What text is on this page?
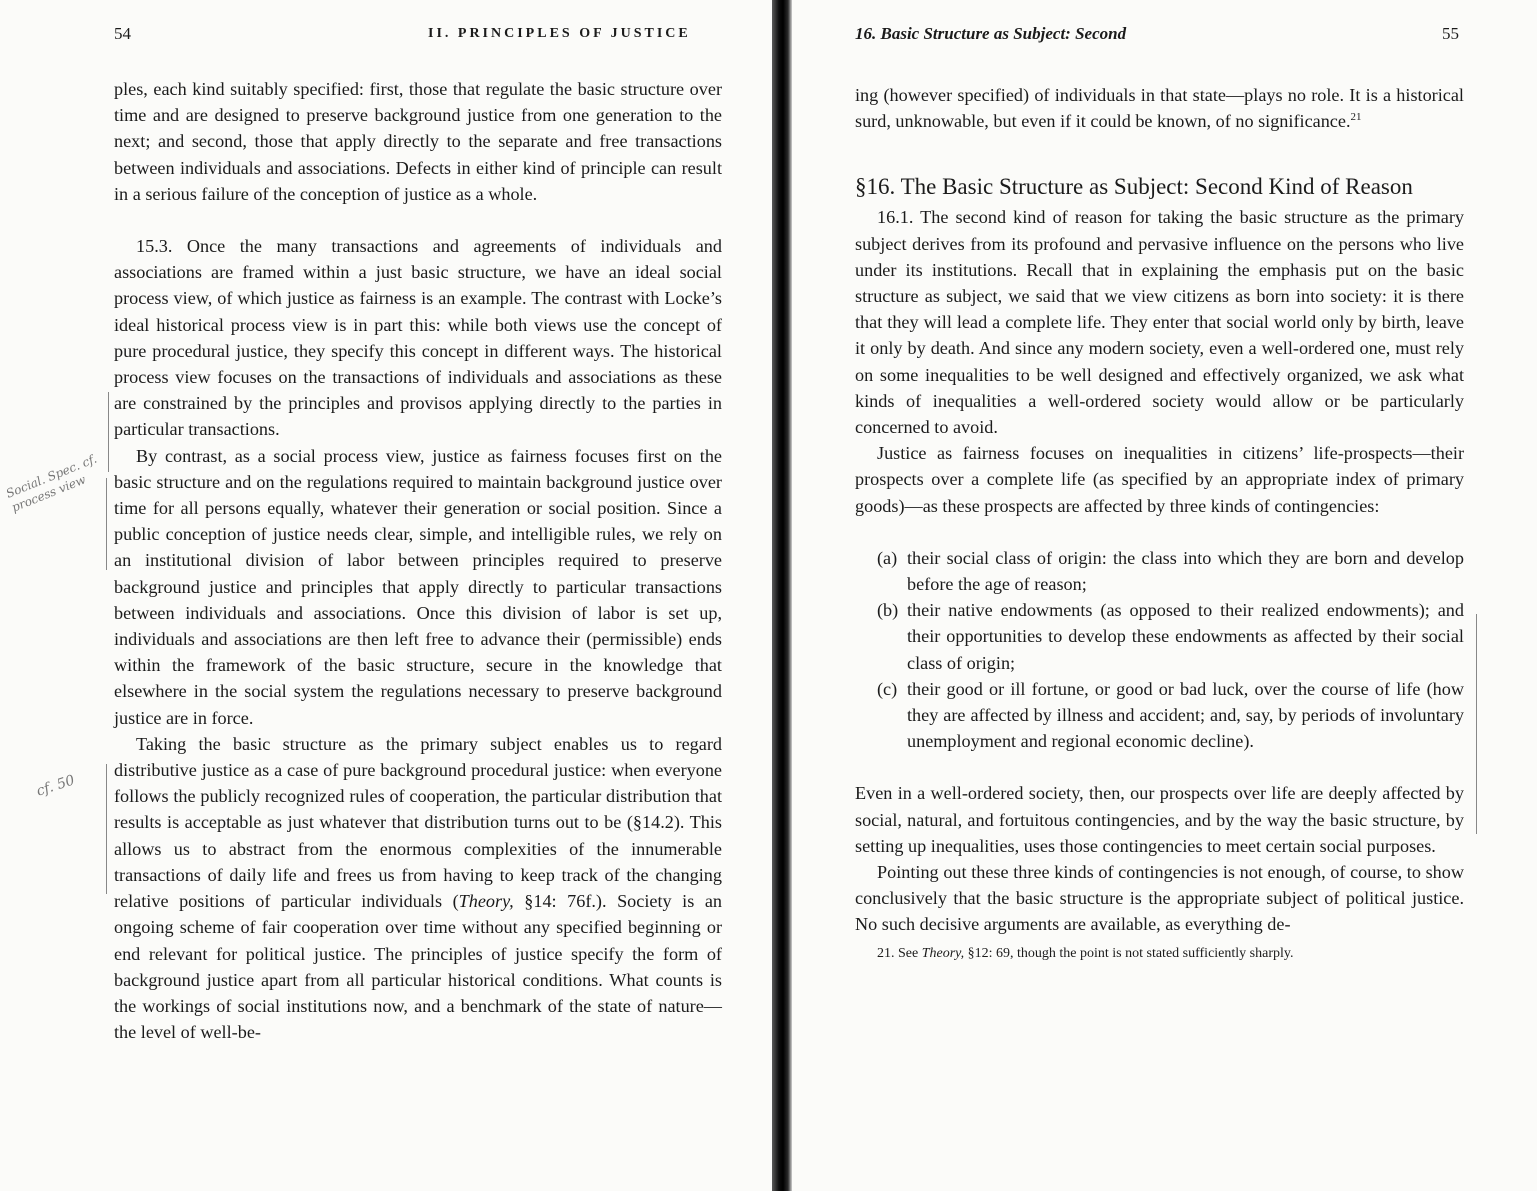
54	II. PRINCIPLES OF JUSTICE

ples, each kind suitably specified: first, those that regulate the basic structure over time and are designed to preserve background justice from one generation to the next; and second, those that apply directly to the separate and free transactions between individuals and associations. Defects in either kind of principle can result in a serious failure of the conception of justice as a whole.

15.3. Once the many transactions and agreements of individuals and associations are framed within a just basic structure, we have an ideal social process view, of which justice as fairness is an example. The contrast with Locke’s ideal historical process view is in part this: while both views use the concept of pure procedural justice, they specify this concept in different ways. The historical process view focuses on the transactions of individuals and associations as these are constrained by the principles and provisos applying directly to the parties in particular transactions.

By contrast, as a social process view, justice as fairness focuses first on the basic structure and on the regulations required to maintain background justice over time for all persons equally, whatever their generation or social position. Since a public conception of justice needs clear, simple, and intelligible rules, we rely on an institutional division of labor between principles required to preserve background justice and principles that apply directly to particular transactions between individuals and associations. Once this division of labor is set up, individuals and associations are then left free to advance their (permissible) ends within the framework of the basic structure, secure in the knowledge that elsewhere in the social system the regulations necessary to preserve background justice are in force.

Taking the basic structure as the primary subject enables us to regard distributive justice as a case of pure background procedural justice: when everyone follows the publicly recognized rules of cooperation, the particular distribution that results is acceptable as just whatever that distribution turns out to be (§14.2). This allows us to abstract from the enormous complexities of the innumerable transactions of daily life and frees us from having to keep track of the changing relative positions of particular individuals (Theory, §14: 76f.). Society is an ongoing scheme of fair cooperation over time without any specified beginning or end relevant for political justice. The principles of justice specify the form of background justice apart from all particular historical conditions. What counts is the workings of social institutions now, and a benchmark of the state of nature—the level of well-be-

Social. Spec. cf. process view
cf. 50
16. Basic Structure as Subject: Second	55

ing (however specified) of individuals in that state—plays no role. It is a historical surd, unknowable, but even if it could be known, of no significance.$^{21}$

§16. The Basic Structure as Subject: Second Kind of Reason

16.1. The second kind of reason for taking the basic structure as the primary subject derives from its profound and pervasive influence on the persons who live under its institutions. Recall that in explaining the emphasis put on the basic structure as subject, we said that we view citizens as born into society: it is there that they will lead a complete life. They enter that social world only by birth, leave it only by death. And since any modern society, even a well-ordered one, must rely on some inequalities to be well designed and effectively organized, we ask what kinds of inequalities a well-ordered society would allow or be particularly concerned to avoid.

Justice as fairness focuses on inequalities in citizens’ life-prospects—their prospects over a complete life (as specified by an appropriate index of primary goods)—as these prospects are affected by three kinds of contingencies:

(a) their social class of origin: the class into which they are born and develop before the age of reason;
(b) their native endowments (as opposed to their realized endowments); and their opportunities to develop these endowments as affected by their social class of origin;
(c) their good or ill fortune, or good or bad luck, over the course of life (how they are affected by illness and accident; and, say, by periods of involuntary unemployment and regional economic decline).

Even in a well-ordered society, then, our prospects over life are deeply affected by social, natural, and fortuitous contingencies, and by the way the basic structure, by setting up inequalities, uses those contingencies to meet certain social purposes.

Pointing out these three kinds of contingencies is not enough, of course, to show conclusively that the basic structure is the appropriate subject of political justice. No such decisive arguments are available, as everything de-

21. See Theory, §12: 69, though the point is not stated sufficiently sharply.
